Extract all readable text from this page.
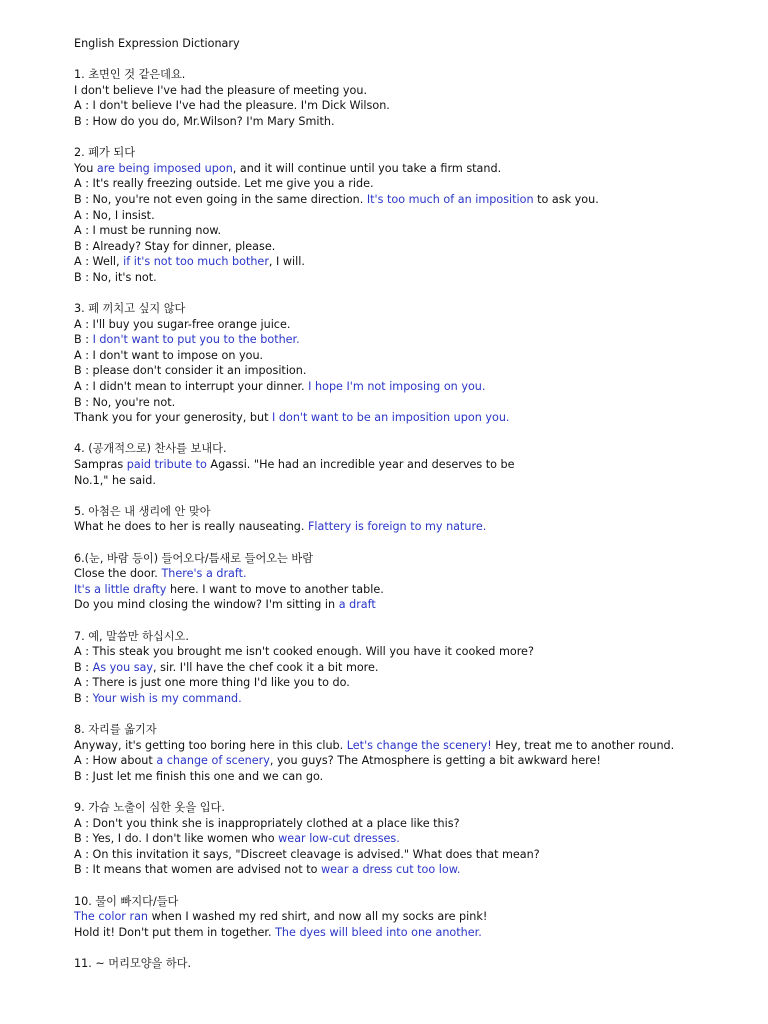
English Expression Dictionary
1. 초면인 것 같은데요.
I don't believe I've had the pleasure of meeting you.
A : I don't believe I've had the pleasure. I'm Dick Wilson.
B : How do you do, Mr.Wilson? I'm Mary Smith.
2. 폐가 되다
You are being imposed upon, and it will continue until you take a firm stand.
A : It's really freezing outside. Let me give you a ride.
B : No, you're not even going in the same direction. It's too much of an imposition to ask you.
A : No, I insist.
A : I must be running now.
B : Already? Stay for dinner, please.
A : Well, if it's not too much bother, I will.
B : No, it's not.
3. 폐 끼치고 싶지 않다
A : I'll buy you sugar-free orange juice.
B : I don't want to put you to the bother.
A : I don't want to impose on you.
B : please don't consider it an imposition.
A : I didn't mean to interrupt your dinner. I hope I'm not imposing on you.
B : No, you're not.
Thank you for your generosity, but I don't want to be an imposition upon you.
4. (공개적으로) 찬사를 보내다.
Sampras paid tribute to Agassi. "He had an incredible year and deserves to be
No.1," he said.
5. 아첨은 내 생리에 안 맞아
What he does to her is really nauseating. Flattery is foreign to my nature.
6.(눈, 바람 등이) 들어오다/틈새로 들어오는 바람
Close the door. There's a draft.
It's a little drafty here. I want to move to another table.
Do you mind closing the window? I'm sitting in a draft
7. 예, 말씀만 하십시오.
A : This steak you brought me isn't cooked enough. Will you have it cooked more?
B : As you say, sir. I'll have the chef cook it a bit more.
A : There is just one more thing I'd like you to do.
B : Your wish is my command.
8. 자리를 옮기자
Anyway, it's getting too boring here in this club. Let's change the scenery! Hey, treat me to another round.
A : How about a change of scenery, you guys? The Atmosphere is getting a bit awkward here!
B : Just let me finish this one and we can go.
9. 가슴 노출이 심한 옷을 입다.
A : Don't you think she is inappropriately clothed at a place like this?
B : Yes, I do. I don't like women who wear low-cut dresses.
A : On this invitation it says, "Discreet cleavage is advised." What does that mean?
B : It means that women are advised not to wear a dress cut too low.
10. 물이 빠지다/들다
The color ran when I washed my red shirt, and now all my socks are pink!
Hold it! Don't put them in together. The dyes will bleed into one another.
11. ~ 머리모양을 하다.
